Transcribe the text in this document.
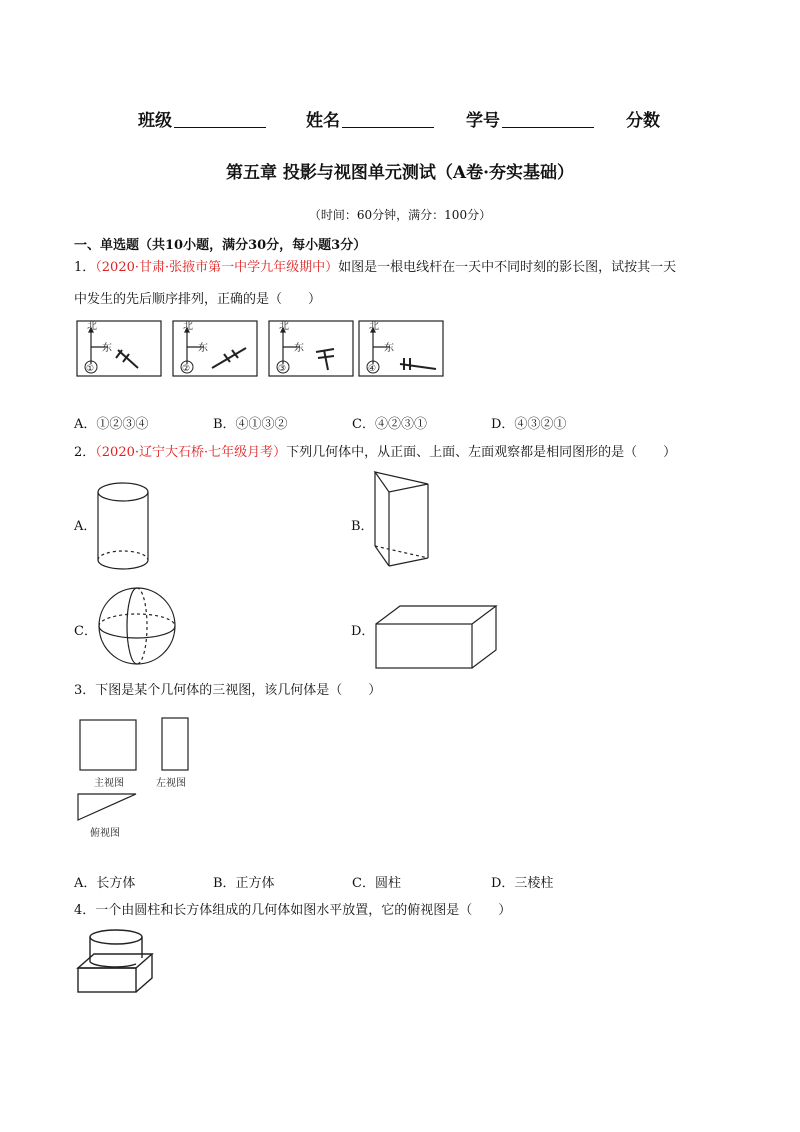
班级	姓名	学号	分数
第五章 投影与视图单元测试（A卷·夯实基础）
（时间：60分钟，满分：100分）
一、单选题（共10小题，满分30分，每小题3分）
1．（2020·甘肃·张掖市第一中学九年级期中）如图是一根电线杆在一天中不同时刻的影长图，试按其一天
中发生的先后顺序排列，正确的是（　　）
北
东
①
北
东
②
北
东
③
北
东
④
A．①②③④	B．④①③②	C．④②③①	D．④③②①
2．（2020·辽宁大石桥·七年级月考）下列几何体中，从正面、上面、左面观察都是相同图形的是（　　）
A．	B．
C．	D．
3．下图是某个几何体的三视图，该几何体是（　　）
主视图	左视图
俯视图
A．长方体	B．正方体	C．圆柱	D．三棱柱
4．一个由圆柱和长方体组成的几何体如图水平放置，它的俯视图是（　　）
